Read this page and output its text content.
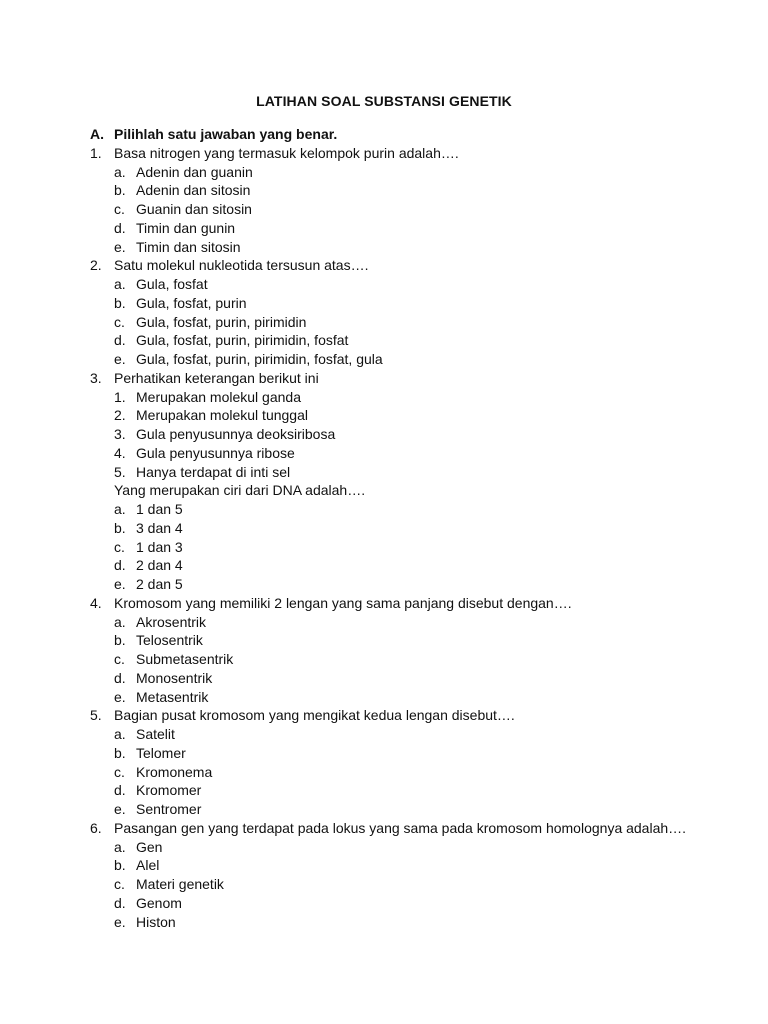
LATIHAN SOAL SUBSTANSI GENETIK
A. Pilihlah satu jawaban yang benar.
1. Basa nitrogen yang termasuk kelompok purin adalah….
a. Adenin dan guanin
b. Adenin dan sitosin
c. Guanin dan sitosin
d. Timin dan gunin
e. Timin dan sitosin
2. Satu molekul nukleotida tersusun atas….
a. Gula, fosfat
b. Gula, fosfat, purin
c. Gula, fosfat, purin, pirimidin
d. Gula, fosfat, purin, pirimidin, fosfat
e. Gula, fosfat, purin, pirimidin, fosfat, gula
3. Perhatikan keterangan berikut ini
1. Merupakan molekul ganda
2. Merupakan molekul tunggal
3. Gula penyusunnya deoksiribosa
4. Gula penyusunnya ribose
5. Hanya terdapat di inti sel
Yang merupakan ciri dari DNA adalah….
a. 1 dan 5
b. 3 dan 4
c. 1 dan 3
d. 2 dan 4
e. 2 dan 5
4. Kromosom yang memiliki 2 lengan yang sama panjang disebut dengan….
a. Akrosentrik
b. Telosentrik
c. Submetasentrik
d. Monosentrik
e. Metasentrik
5. Bagian pusat kromosom yang mengikat kedua lengan disebut….
a. Satelit
b. Telomer
c. Kromonema
d. Kromomer
e. Sentromer
6. Pasangan gen yang terdapat pada lokus yang sama pada kromosom homolognya adalah….
a. Gen
b. Alel
c. Materi genetik
d. Genom
e. Histon
